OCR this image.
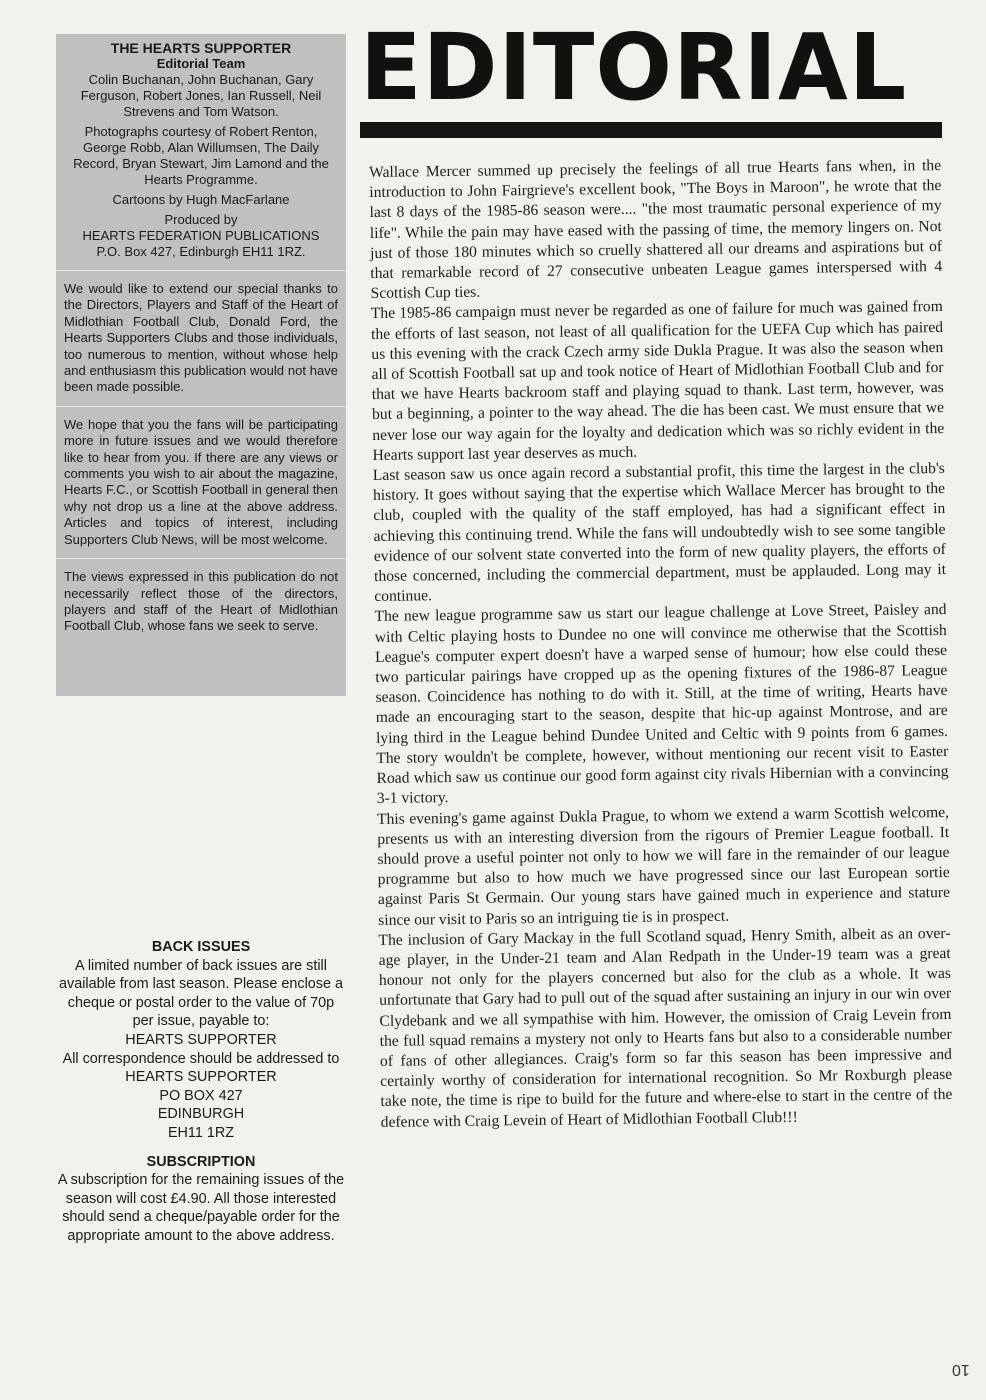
THE HEARTS SUPPORTER
Editorial Team
Colin Buchanan, John Buchanan, Gary Ferguson, Robert Jones, Ian Russell, Neil Strevens and Tom Watson.
Photographs courtesy of Robert Renton, George Robb, Alan Willumsen, The Daily Record, Bryan Stewart, Jim Lamond and the Hearts Programme.
Cartoons by Hugh MacFarlane
Produced by
HEARTS FEDERATION PUBLICATIONS
P.O. Box 427, Edinburgh EH11 1RZ.
We would like to extend our special thanks to the Directors, Players and Staff of the Heart of Midlothian Football Club, Donald Ford, the Hearts Supporters Clubs and those individuals, too numerous to mention, without whose help and enthusiasm this publication would not have been made possible.
We hope that you the fans will be participating more in future issues and we would therefore like to hear from you. If there are any views or comments you wish to air about the magazine, Hearts F.C., or Scottish Football in general then why not drop us a line at the above address. Articles and topics of interest, including Supporters Club News, will be most welcome.
The views expressed in this publication do not necessarily reflect those of the directors, players and staff of the Heart of Midlothian Football Club, whose fans we seek to serve.
BACK ISSUES
A limited number of back issues are still available from last season. Please enclose a cheque or postal order to the value of 70p per issue, payable to:
HEARTS SUPPORTER
All correspondence should be addressed to
HEARTS SUPPORTER
PO BOX 427
EDINBURGH
EH11 1RZ
SUBSCRIPTION
A subscription for the remaining issues of the season will cost £4.90. All those interested should send a cheque/payable order for the appropriate amount to the above address.
EDITORIAL

Wallace Mercer summed up precisely the feelings of all true Hearts fans when, in the introduction to John Fairgrieve's excellent book, "The Boys in Maroon", he wrote that the last 8 days of the 1985-86 season were.... "the most traumatic personal experience of my life". While the pain may have eased with the passing of time, the memory lingers on. Not just of those 180 minutes which so cruelly shattered all our dreams and aspirations but of that remarkable record of 27 consecutive unbeaten League games interspersed with 4 Scottish Cup ties.

The 1985-86 campaign must never be regarded as one of failure for much was gained from the efforts of last season, not least of all qualification for the UEFA Cup which has paired us this evening with the crack Czech army side Dukla Prague. It was also the season when all of Scottish Football sat up and took notice of Heart of Midlothian Football Club and for that we have Hearts backroom staff and playing squad to thank. Last term, however, was but a beginning, a pointer to the way ahead. The die has been cast. We must ensure that we never lose our way again for the loyalty and dedication which was so richly evident in the Hearts support last year deserves as much.

Last season saw us once again record a substantial profit, this time the largest in the club's history. It goes without saying that the expertise which Wallace Mercer has brought to the club, coupled with the quality of the staff employed, has had a significant effect in achieving this continuing trend. While the fans will undoubtedly wish to see some tangible evidence of our solvent state converted into the form of new quality players, the efforts of those concerned, including the commercial department, must be applauded. Long may it continue.

The new league programme saw us start our league challenge at Love Street, Paisley and with Celtic playing hosts to Dundee no one will convince me otherwise that the Scottish League's computer expert doesn't have a warped sense of humour; how else could these two particular pairings have cropped up as the opening fixtures of the 1986-87 League season. Coincidence has nothing to do with it. Still, at the time of writing, Hearts have made an encouraging start to the season, despite that hic-up against Montrose, and are lying third in the League behind Dundee United and Celtic with 9 points from 6 games. The story wouldn't be complete, however, without mentioning our recent visit to Easter Road which saw us continue our good form against city rivals Hibernian with a convincing 3-1 victory.

This evening's game against Dukla Prague, to whom we extend a warm Scottish welcome, presents us with an interesting diversion from the rigours of Premier League football. It should prove a useful pointer not only to how we will fare in the remainder of our league programme but also to how much we have progressed since our last European sortie against Paris St Germain. Our young stars have gained much in experience and stature since our visit to Paris so an intriguing tie is in prospect.

The inclusion of Gary Mackay in the full Scotland squad, Henry Smith, albeit as an over-age player, in the Under-21 team and Alan Redpath in the Under-19 team was a great honour not only for the players concerned but also for the club as a whole. It was unfortunate that Gary had to pull out of the squad after sustaining an injury in our win over Clydebank and we all sympathise with him. However, the omission of Craig Levein from the full squad remains a mystery not only to Hearts fans but also to a considerable number of fans of other allegiances. Craig's form so far this season has been impressive and certainly worthy of consideration for international recognition. So Mr Roxburgh please take note, the time is ripe to build for the future and where-else to start in the centre of the defence with Craig Levein of Heart of Midlothian Football Club!!!

10
